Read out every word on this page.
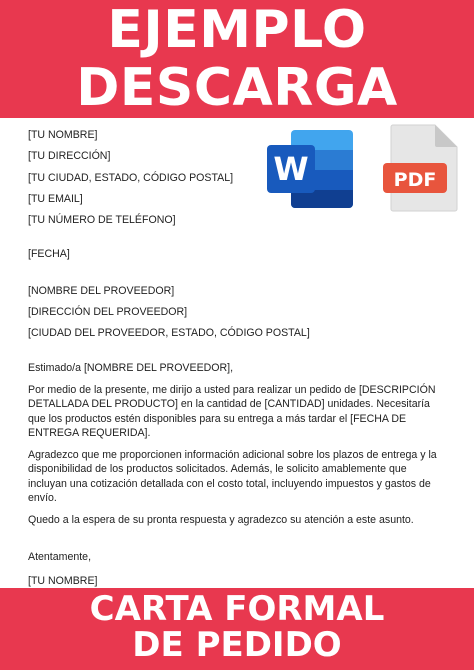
EJEMPLO
DESCARGA
[TU NOMBRE]
[TU DIRECCIÓN]
[TU CIUDAD, ESTADO, CÓDIGO POSTAL]
[TU EMAIL]
[TU NÚMERO DE TELÉFONO]
[FECHA]
[NOMBRE DEL PROVEEDOR]
[DIRECCIÓN DEL PROVEEDOR]
[CIUDAD DEL PROVEEDOR, ESTADO, CÓDIGO POSTAL]
Estimado/a [NOMBRE DEL PROVEEDOR],
Por medio de la presente, me dirijo a usted para realizar un pedido de [DESCRIPCIÓN DETALLADA DEL PRODUCTO] en la cantidad de [CANTIDAD] unidades. Necesitaría que los productos estén disponibles para su entrega a más tardar el [FECHA DE ENTREGA REQUERIDA].
Agradezco que me proporcionen información adicional sobre los plazos de entrega y la disponibilidad de los productos solicitados. Además, le solicito amablemente que incluyan una cotización detallada con el costo total, incluyendo impuestos y gastos de envío.
Quedo a la espera de su pronta respuesta y agradezco su atención a este asunto.
Atentamente,
[TU NOMBRE]
W	PDF
CARTA FORMAL
DE PEDIDO
